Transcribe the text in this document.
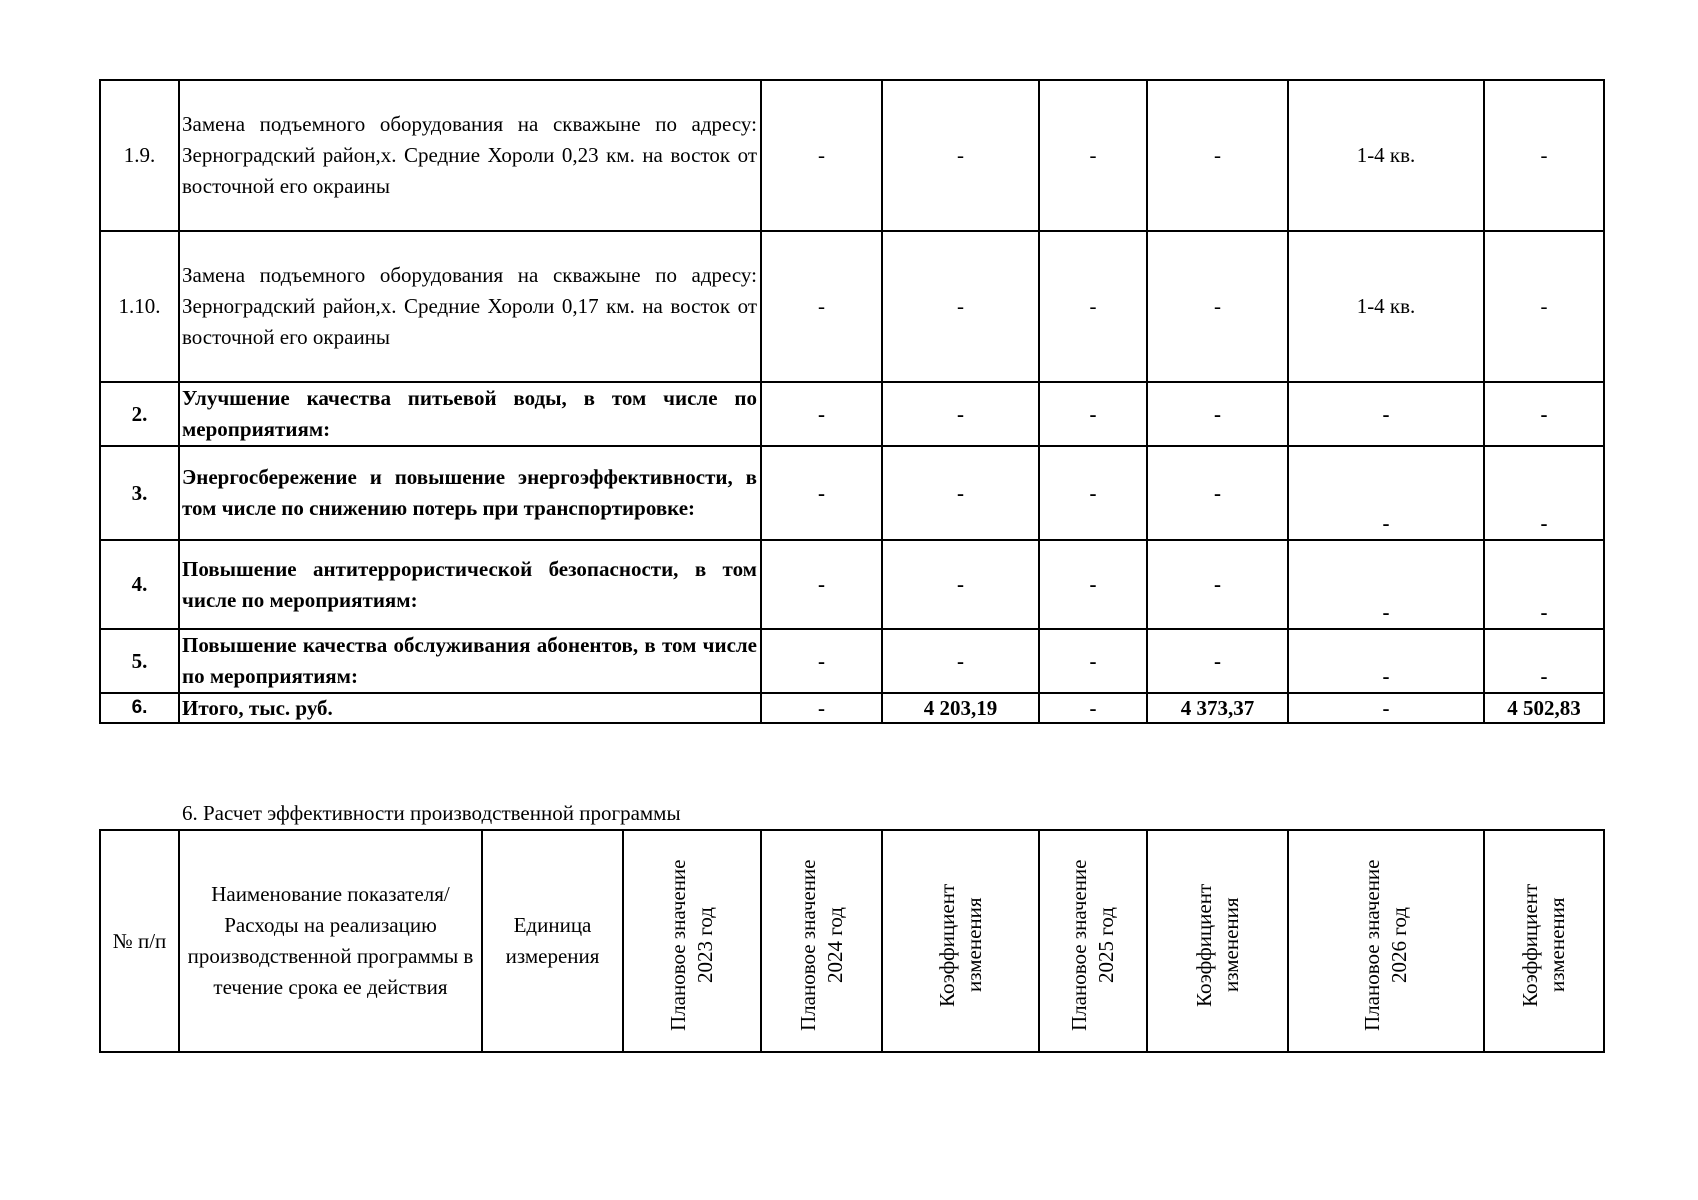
1.9.	Замена подъемного оборудования на скважыне по адресу: Зерноградский район,х. Средние Хороли 0,23 км. на восток от восточной его окраины	-	-	-	-	1-4 кв.	-
1.10.	Замена подъемного оборудования на скважыне по адресу: Зерноградский район,х. Средние Хороли 0,17 км. на восток от восточной его окраины	-	-	-	-	1-4 кв.	-
2.	Улучшение качества питьевой воды, в том числе по мероприятиям:	-	-	-	-	-	-
3.	Энергосбережение и повышение энергоэффективности, в том числе по снижению потерь при транспортировке:	-	-	-	-	-	-
4.	Повышение антитеррористической безопасности, в том числе по мероприятиям:	-	-	-	-	-	-
5.	Повышение качества обслуживания абонентов, в том числе по мероприятиям:	-	-	-	-	-	-
6.	Итого, тыс. руб.	-	4 203,19	-	4 373,37	-	4 502,83
6. Расчет эффективности производственной программы
№ п/п	Наименование показателя/Расходы на реализацию производственной программы в течение срока ее действия	Единица измерения	Плановое значение 2023 год	Плановое значение 2024 год	Коэффициент изменения	Плановое значение 2025 год	Коэффициент изменения	Плановое значение 2026 год	Коэффициент изменения
